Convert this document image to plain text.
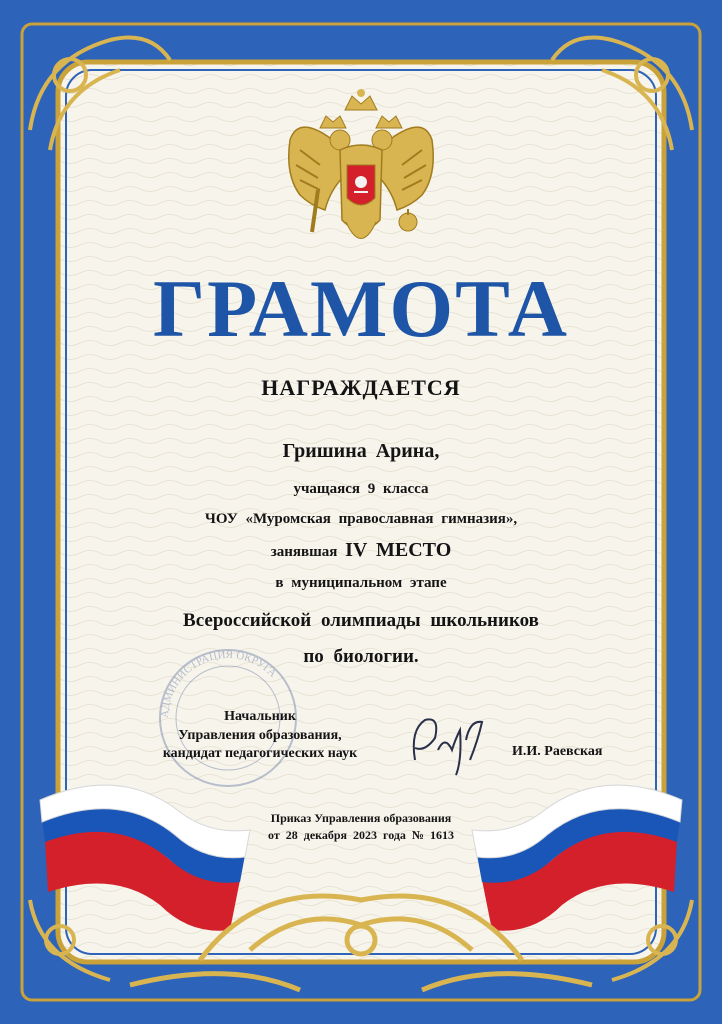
АДМИНИСТРАЦИЯ ОКРУГА
ГРАМОТА
НАГРАЖДАЕТСЯ
Гришина Арина,
учащаяся 9 класса
ЧОУ «Муромская православная гимназия»,
занявшая IV МЕСТО
в муниципальном этапе
Всероссийской олимпиады школьников
по биологии.
Начальник
Управления образования,
кандидат педагогических наук	И.И. Раевская
Приказ Управления образования
от 28 декабря 2023 года № 1613
